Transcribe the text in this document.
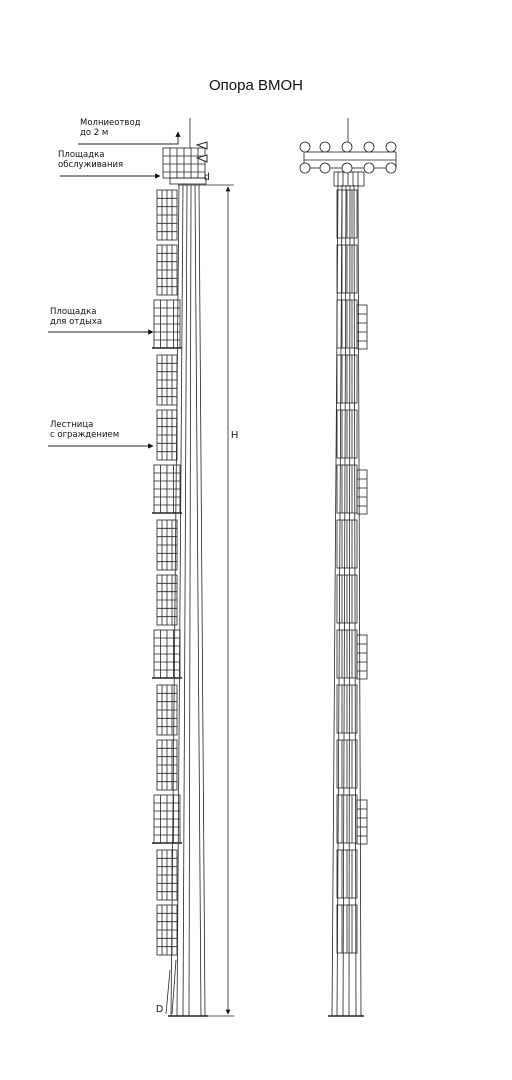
Опора ВМОН
Молниеотвод
до 2 м
Площадка
обслуживания
Площадка
для отдыха
Лестница
с ограждением	H
d
D
